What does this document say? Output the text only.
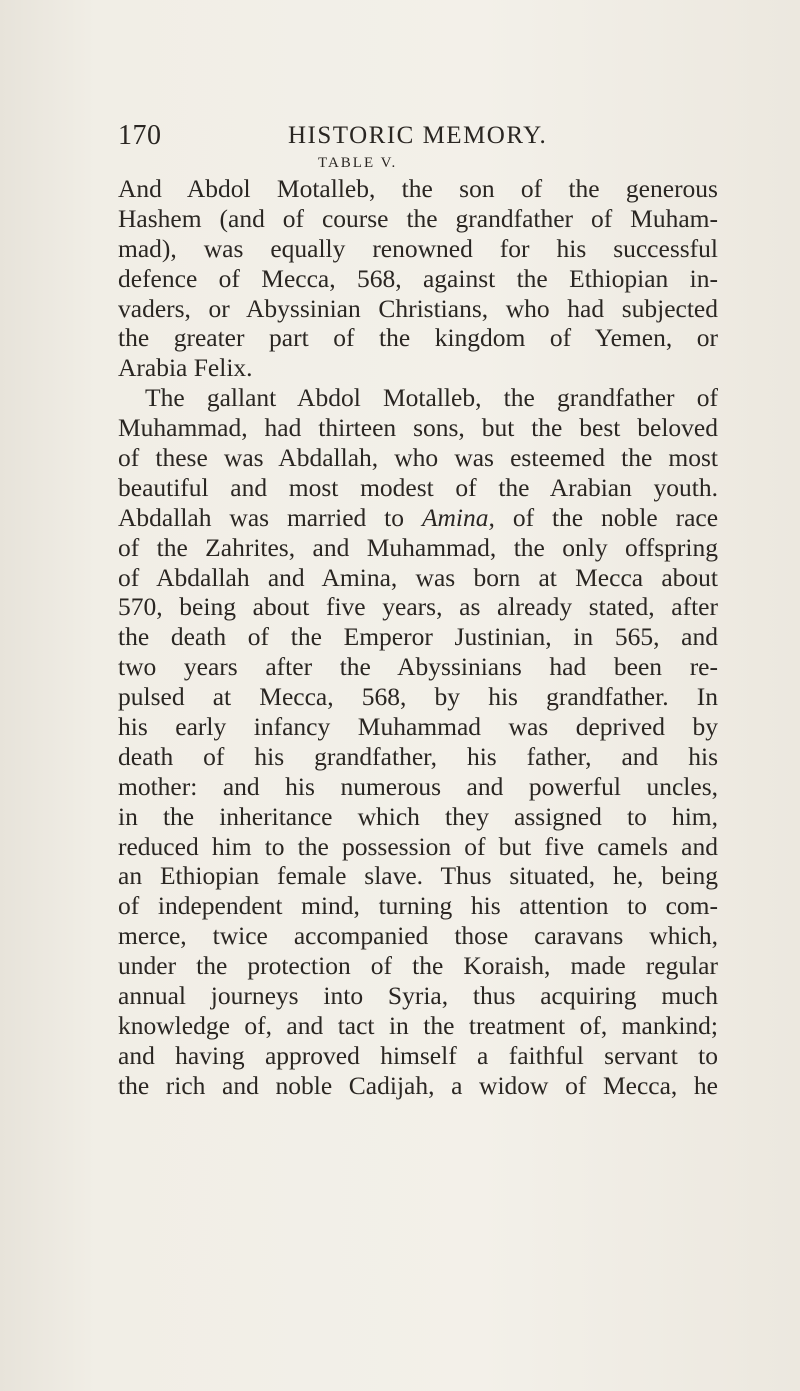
170	HISTORIC MEMORY.
TABLE V.
And Abdol Motalleb, the son of the generous
Hashem (and of course the grandfather of Muham-
mad), was equally renowned for his successful
defence of Mecca, 568, against the Ethiopian in-
vaders, or Abyssinian Christians, who had subjected
the greater part of the kingdom of Yemen, or
Arabia Felix.
The gallant Abdol Motalleb, the grandfather of
Muhammad, had thirteen sons, but the best beloved
of these was Abdallah, who was esteemed the most
beautiful and most modest of the Arabian youth.
Abdallah was married to Amina, of the noble race
of the Zahrites, and Muhammad, the only offspring
of Abdallah and Amina, was born at Mecca about
570, being about five years, as already stated, after
the death of the Emperor Justinian, in 565, and
two years after the Abyssinians had been re-
pulsed at Mecca, 568, by his grandfather. In
his early infancy Muhammad was deprived by
death of his grandfather, his father, and his
mother: and his numerous and powerful uncles,
in the inheritance which they assigned to him,
reduced him to the possession of but five camels and
an Ethiopian female slave. Thus situated, he, being
of independent mind, turning his attention to com-
merce, twice accompanied those caravans which,
under the protection of the Koraish, made regular
annual journeys into Syria, thus acquiring much
knowledge of, and tact in the treatment of, mankind;
and having approved himself a faithful servant to
the rich and noble Cadijah, a widow of Mecca, he
